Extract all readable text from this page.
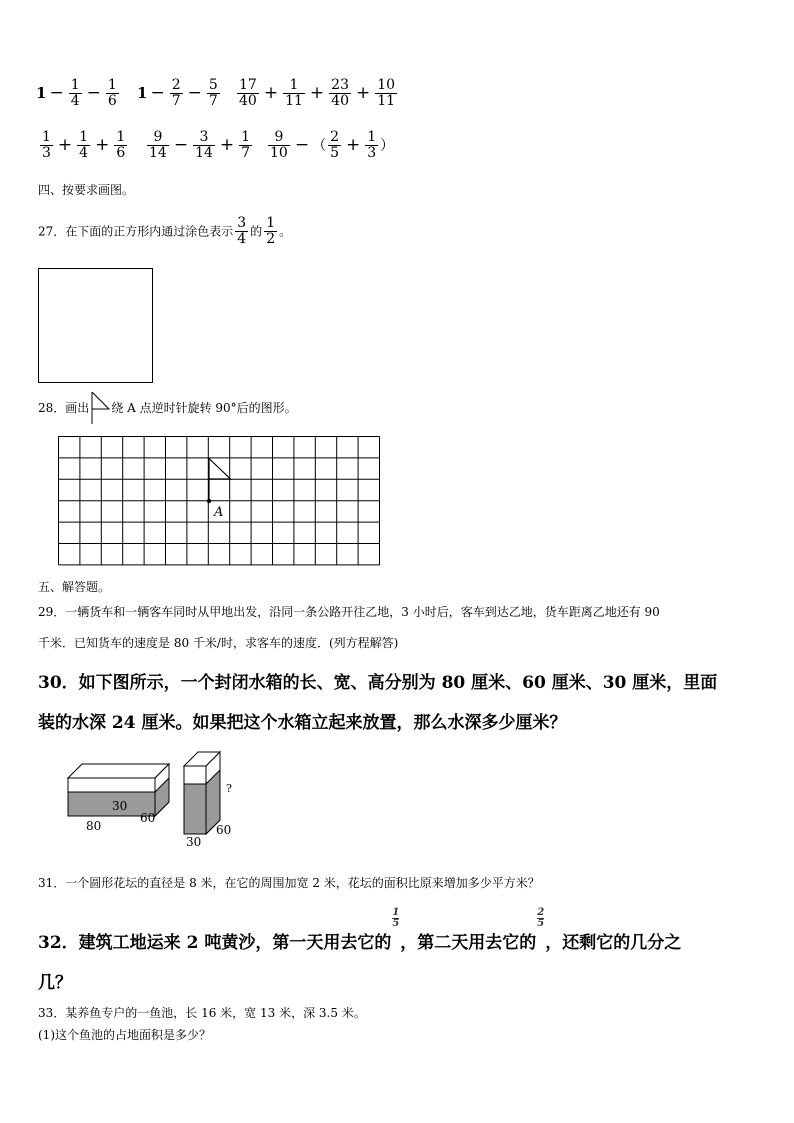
$1 - \frac{1}{4} - \frac{1}{6} 1 - \frac{2}{7} - \frac{5}{7} \frac{17}{40} + \frac{1}{11} + \frac{23}{40} + \frac{10}{11}$
$\frac{1}{3} + \frac{1}{4} + \frac{1}{6} \frac{9}{14} - \frac{3}{14} + \frac{1}{7} \frac{9}{10}$ − （ $\frac{2}{5} + \frac{1}{3}$ ）
四、按要求画图。
27．在下面的正方形内通过涂色表示 $\frac{3}{4}$ 的 $\frac{1}{2}$ 。
28．画出 绕 A 点逆时针旋转 90°后的图形。
A
五、解答题。
29．一辆货车和一辆客车同时从甲地出发，沿同一条公路开往乙地，3 小时后，客车到达乙地，货车距离乙地还有 90
千米．已知货车的速度是 80 千米/时，求客车的速度．(列方程解答)
30．如下图所示，一个封闭水箱的长、宽、高分别为 80 厘米、60 厘米、30 厘米，里面
装的水深 24 厘米。如果把这个水箱立起来放置，那么水深多少厘米？
30
80
60
?
60
30
31．一个圆形花坛的直径是 8 米，在它的周围加宽 2 米，花坛的面积比原来增加多少平方米？
32．建筑工地运来 2 吨黄沙，第一天用去它的
$\frac{1}{5}$，第二天用去它的
$\frac{2}{5}$，还剩它的几分之
几？
33．某养鱼专户的一鱼池，长 16 米，宽 13 米，深 3.5 米。
(1)这个鱼池的占地面积是多少？
